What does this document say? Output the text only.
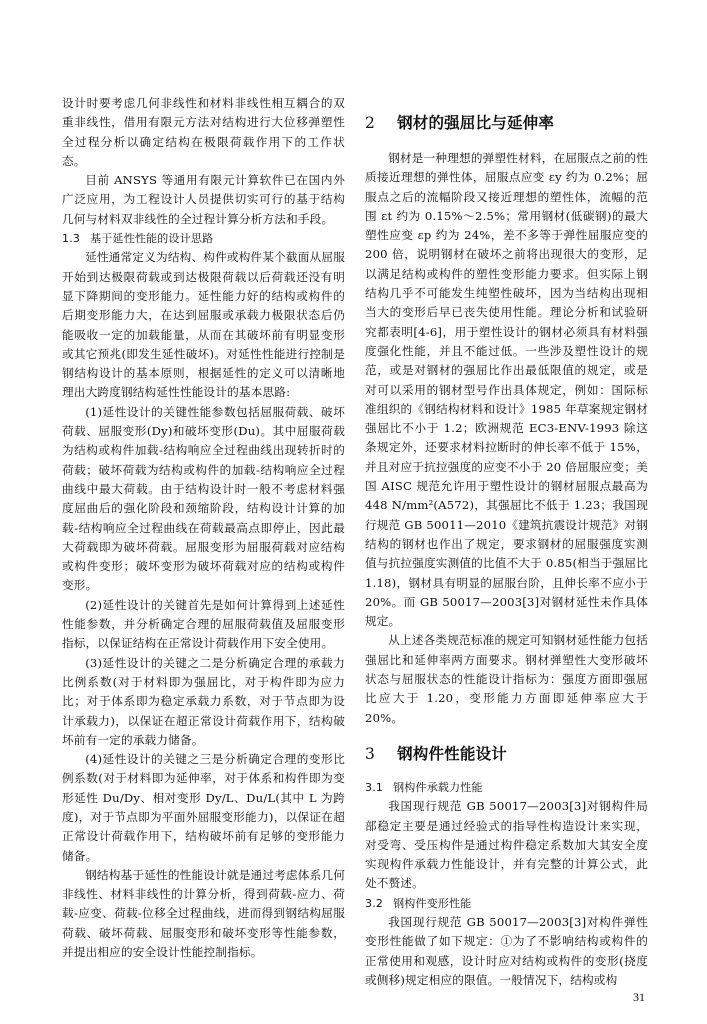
设计时要考虑几何非线性和材料非线性相互耦合的双重非线性，借用有限元方法对结构进行大位移弹塑性全过程分析以确定结构在极限荷载作用下的工作状态。

目前 ANSYS 等通用有限元计算软件已在国内外广泛应用，为工程设计人员提供切实可行的基于结构几何与材料双非线性的全过程计算分析方法和手段。

1.3 基于延性性能的设计思路

延性通常定义为结构、构件或构件某个截面从屈服开始到达极限荷载或到达极限荷载以后荷载还没有明显下降期间的变形能力。延性能力好的结构或构件的后期变形能力大，在达到屈服或承载力极限状态后仍能吸收一定的加载能量，从而在其破坏前有明显变形或其它预兆(即发生延性破坏)。对延性性能进行控制是钢结构设计的基本原则，根据延性的定义可以清晰地理出大跨度钢结构延性性能设计的基本思路:

(1)延性设计的关键性能参数包括屈服荷载、破坏荷载、屈服变形(Dy)和破坏变形(Du)。其中屈服荷载为结构或构件加载-结构响应全过程曲线出现转折时的荷载；破坏荷载为结构或构件的加载-结构响应全过程曲线中最大荷载。由于结构设计时一般不考虑材料强度屈曲后的强化阶段和颈缩阶段，结构设计计算的加载-结构响应全过程曲线在荷载最高点即停止，因此最大荷载即为破坏荷载。屈服变形为屈服荷载对应结构或构件变形；破坏变形为破坏荷载对应的结构或构件变形。

(2)延性设计的关键首先是如何计算得到上述延性性能参数，并分析确定合理的屈服荷载值及屈服变形指标，以保证结构在正常设计荷载作用下安全使用。

(3)延性设计的关键之二是分析确定合理的承载力比例系数(对于材料即为强屈比，对于构件即为应力比；对于体系即为稳定承载力系数，对于节点即为设计承载力)，以保证在超正常设计荷载作用下，结构破坏前有一定的承载力储备。

(4)延性设计的关键之三是分析确定合理的变形比例系数(对于材料即为延伸率，对于体系和构件即为变形延性 Du/Dy、相对变形 Dy/L、Du/L(其中 L 为跨度)，对于节点即为平面外屈服变形能力)，以保证在超正常设计荷载作用下，结构破坏前有足够的变形能力储备。

钢结构基于延性的性能设计就是通过考虑体系几何非线性、材料非线性的计算分析，得到荷载-应力、荷载-应变、荷载-位移全过程曲线，进而得到钢结构屈服荷载、破坏荷载、屈服变形和破坏变形等性能参数，并提出相应的安全设计性能控制指标。

2 钢材的强屈比与延伸率

钢材是一种理想的弹塑性材料，在屈服点之前的性质接近理想的弹性体，屈服点应变 εy 约为 0.2%；屈服点之后的流幅阶段又接近理想的塑性体，流幅的范围 εt 约为 0.15%～2.5%；常用钢材(低碳钢)的最大塑性应变 εp 约为 24%，差不多等于弹性屈服应变的 200 倍，说明钢材在破坏之前将出现很大的变形，足以满足结构或构件的塑性变形能力要求。但实际上钢结构几乎不可能发生纯塑性破坏，因为当结构出现相当大的变形后早已丧失使用性能。理论分析和试验研究都表明[4-6]，用于塑性设计的钢材必须具有材料强度强化性能，并且不能过低。一些涉及塑性设计的规范，或是对钢材的强屈比作出最低限值的规定，或是对可以采用的钢材型号作出具体规定，例如：国际标准组织的《钢结构材料和设计》1985 年草案规定钢材强屈比不小于 1.2；欧洲规范 EC3-ENV-1993 除这条规定外，还要求材料拉断时的伸长率不低于 15%，并且对应于抗拉强度的应变不小于 20 倍屈服应变；美国 AISC 规范允许用于塑性设计的钢材屈服点最高为 448 N/mm²(A572)，其强屈比不低于 1.23；我国现行规范 GB 50011—2010《建筑抗震设计规范》对钢结构的钢材也作出了规定，要求钢材的屈服强度实测值与抗拉强度实测值的比值不大于 0.85(相当于强屈比 1.18)，钢材具有明显的屈服台阶，且伸长率不应小于 20%。而 GB 50017—2003[3]对钢材延性未作具体规定。

从上述各类规范标准的规定可知钢材延性能力包括强屈比和延伸率两方面要求。钢材弹塑性大变形破坏状态与屈服状态的性能设计指标为：强度方面即强屈比应大于 1.20，变形能力方面即延伸率应大于 20%。

3 钢构件性能设计

3.1 钢构件承载力性能

我国现行规范 GB 50017—2003[3]对钢构件局部稳定主要是通过经验式的指导性构造设计来实现，对受弯、受压构件是通过构件稳定系数加大其安全度实现构件承载力性能设计，并有完整的计算公式，此处不赘述。

3.2 钢构件变形性能

我国现行规范 GB 50017—2003[3]对构件弹性变形性能做了如下规定：①为了不影响结构或构件的正常使用和观感，设计时应对结构或构件的变形(挠度或侧移)规定相应的限值。一般情况下，结构或构

31
